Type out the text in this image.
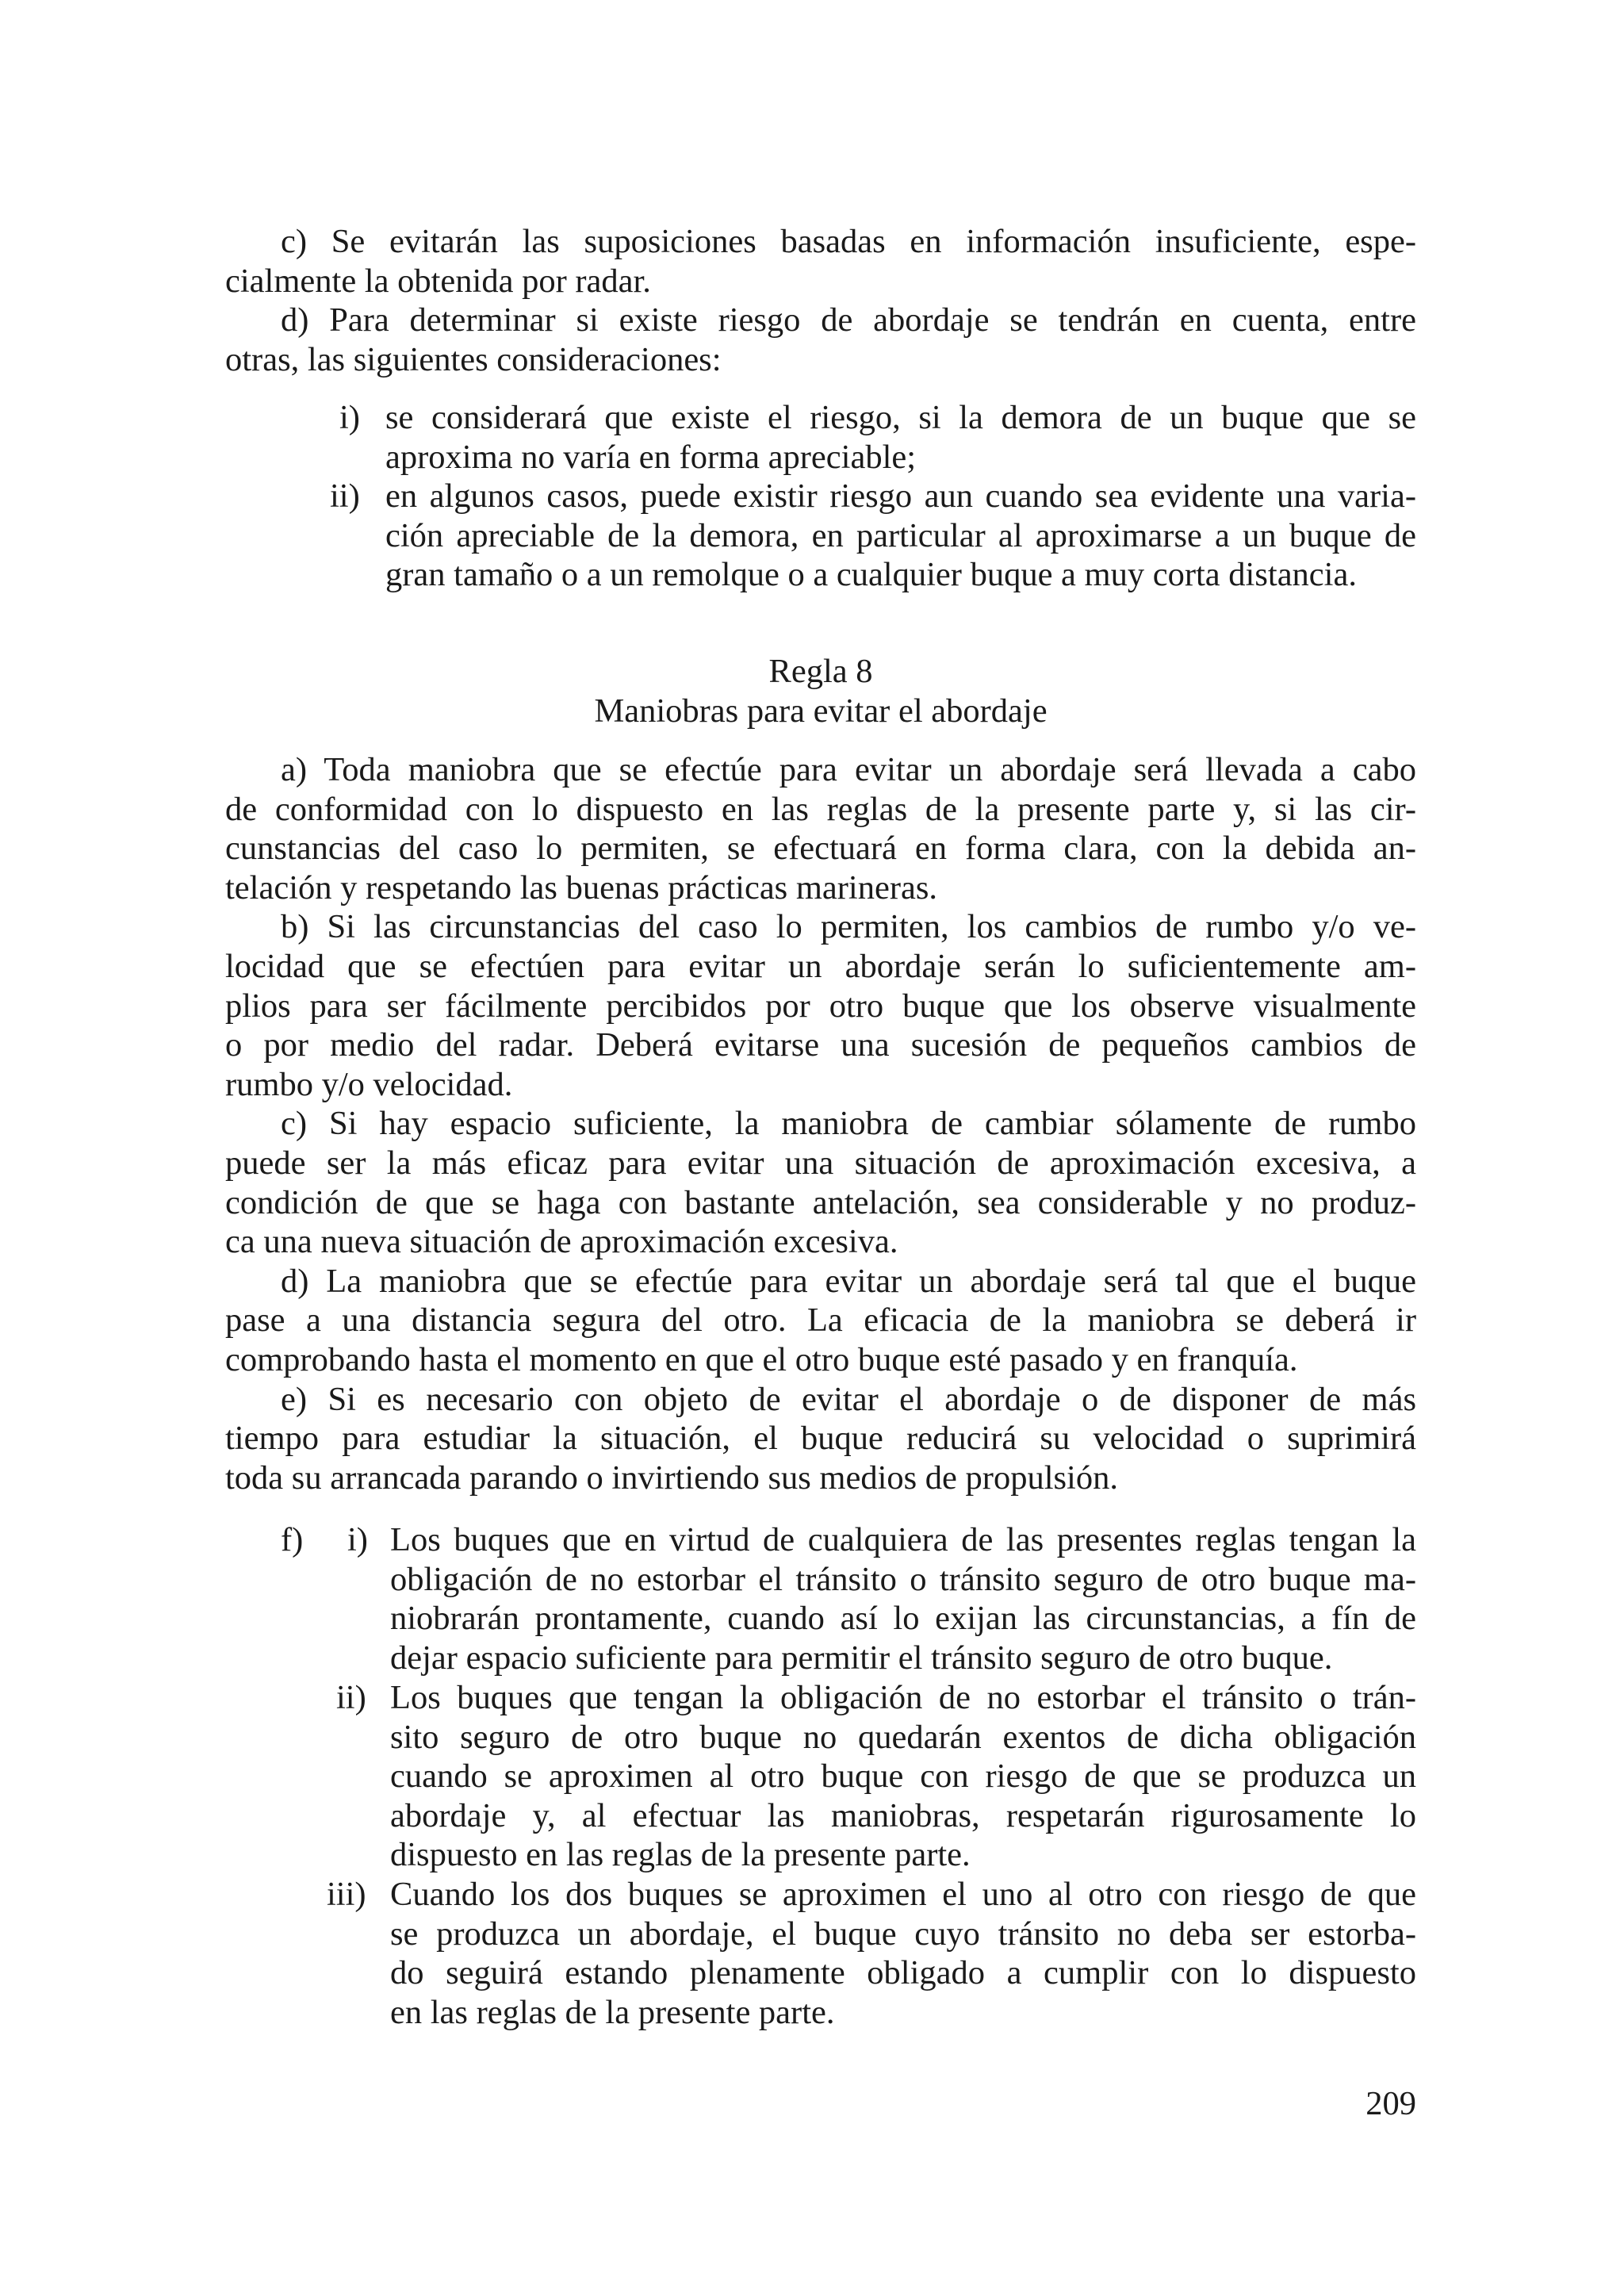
c) Se evitarán las suposiciones basadas en información insuficiente, espe-
cialmente la obtenida por radar.
d) Para determinar si existe riesgo de abordaje se tendrán en cuenta, entre
otras, las siguientes consideraciones:
i) se considerará que existe el riesgo, si la demora de un buque que se
aproxima no varía en forma apreciable;
ii) en algunos casos, puede existir riesgo aun cuando sea evidente una varia-
ción apreciable de la demora, en particular al aproximarse a un buque de
gran tamaño o a un remolque o a cualquier buque a muy corta distancia.
Regla 8
Maniobras para evitar el abordaje
a) Toda maniobra que se efectúe para evitar un abordaje será llevada a cabo
de conformidad con lo dispuesto en las reglas de la presente parte y, si las cir-
cunstancias del caso lo permiten, se efectuará en forma clara, con la debida an-
telación y respetando las buenas prácticas marineras.
b) Si las circunstancias del caso lo permiten, los cambios de rumbo y/o ve-
locidad que se efectúen para evitar un abordaje serán lo suficientemente am-
plios para ser fácilmente percibidos por otro buque que los observe visualmente
o por medio del radar. Deberá evitarse una sucesión de pequeños cambios de
rumbo y/o velocidad.
c) Si hay espacio suficiente, la maniobra de cambiar sólamente de rumbo
puede ser la más eficaz para evitar una situación de aproximación excesiva, a
condición de que se haga con bastante antelación, sea considerable y no produz-
ca una nueva situación de aproximación excesiva.
d) La maniobra que se efectúe para evitar un abordaje será tal que el buque
pase a una distancia segura del otro. La eficacia de la maniobra se deberá ir
comprobando hasta el momento en que el otro buque esté pasado y en franquía.
e) Si es necesario con objeto de evitar el abordaje o de disponer de más
tiempo para estudiar la situación, el buque reducirá su velocidad o suprimirá
toda su arrancada parando o invirtiendo sus medios de propulsión.
f) i) Los buques que en virtud de cualquiera de las presentes reglas tengan la
obligación de no estorbar el tránsito o tránsito seguro de otro buque ma-
niobrarán prontamente, cuando así lo exijan las circunstancias, a fín de
dejar espacio suficiente para permitir el tránsito seguro de otro buque.
ii) Los buques que tengan la obligación de no estorbar el tránsito o trán-
sito seguro de otro buque no quedarán exentos de dicha obligación
cuando se aproximen al otro buque con riesgo de que se produzca un
abordaje y, al efectuar las maniobras, respetarán rigurosamente lo
dispuesto en las reglas de la presente parte.
iii) Cuando los dos buques se aproximen el uno al otro con riesgo de que
se produzca un abordaje, el buque cuyo tránsito no deba ser estorba-
do seguirá estando plenamente obligado a cumplir con lo dispuesto
en las reglas de la presente parte.
209
